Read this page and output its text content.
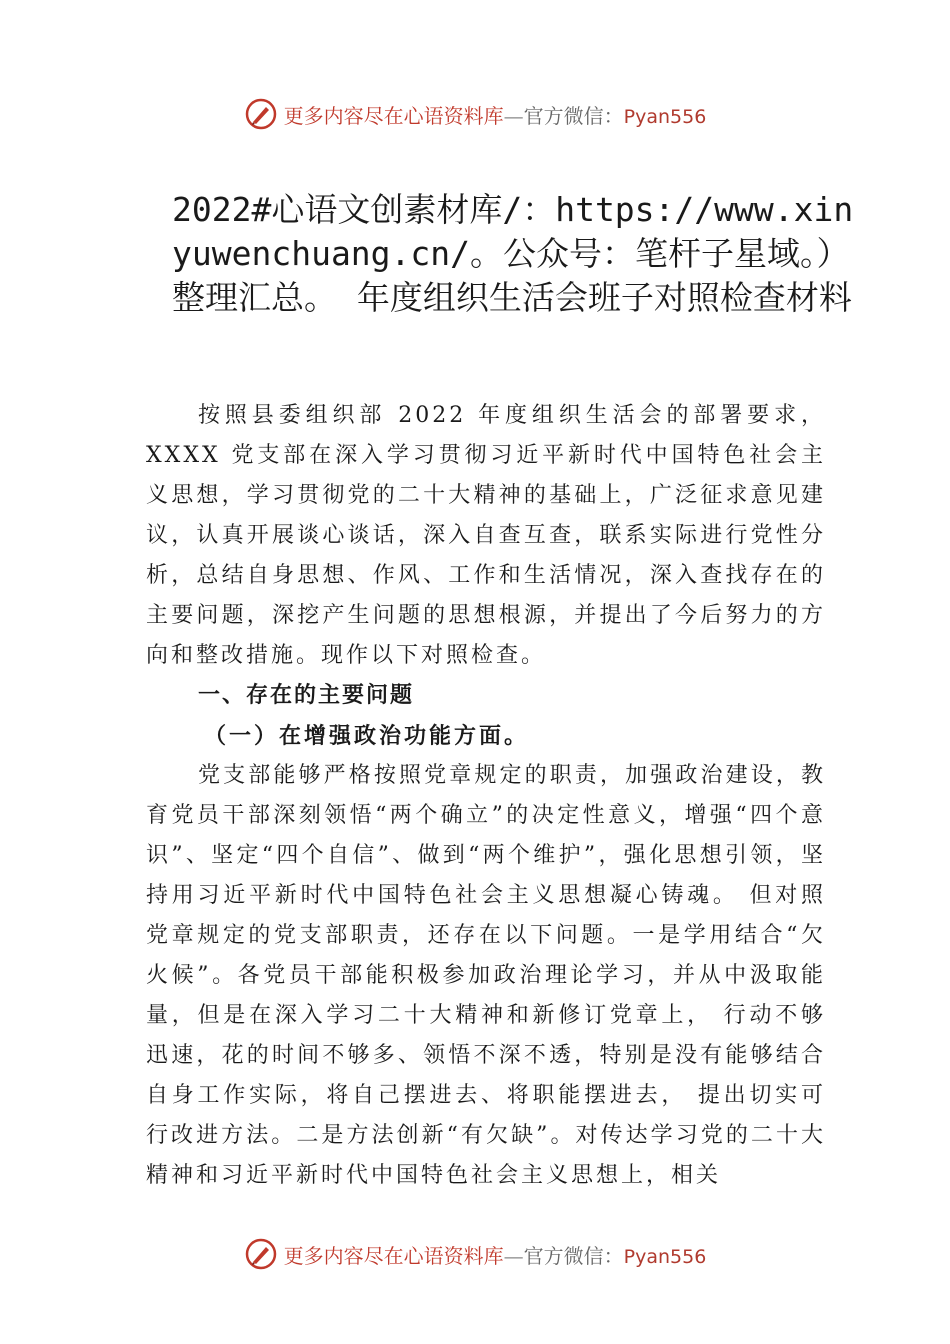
更多内容尽在心语资料库—官方微信：Pyan556
2022#心语文创素材库/：https://www.xinyuwenchuang.cn/。公众号：笔杆子星域。）整理汇总。 年度组织生活会班子对照检查材料

按照县委组织部 2022 年度组织生活会的部署要求，XXXX 党支部在深入学习贯彻习近平新时代中国特色社会主义思想，学习贯彻党的二十大精神的基础上，广泛征求意见建议，认真开展谈心谈话，深入自查互查，联系实际进行党性分析，总结自身思想、作风、工作和生活情况，深入查找存在的主要问题，深挖产生问题的思想根源，并提出了今后努力的方向和整改措施。现作以下对照检查。

一、存在的主要问题

（一）在增强政治功能方面。

党支部能够严格按照党章规定的职责，加强政治建设，教育党员干部深刻领悟“两个确立”的决定性意义，增强“四个意识”、坚定“四个自信”、做到“两个维护”，强化思想引领，坚持用习近平新时代中国特色社会主义思想凝心铸魂。 但对照党章规定的党支部职责，还存在以下问题。一是学用结合“欠火候”。各党员干部能积极参加政治理论学习，并从中汲取能量，但是在深入学习二十大精神和新修订党章上， 行动不够迅速，花的时间不够多、领悟不深不透，特别是没有能够结合自身工作实际，将自己摆进去、将职能摆进去， 提出切实可行改进方法。二是方法创新“有欠缺”。对传达学习党的二十大精神和习近平新时代中国特色社会主义思想上，相关

更多内容尽在心语资料库—官方微信：Pyan556
